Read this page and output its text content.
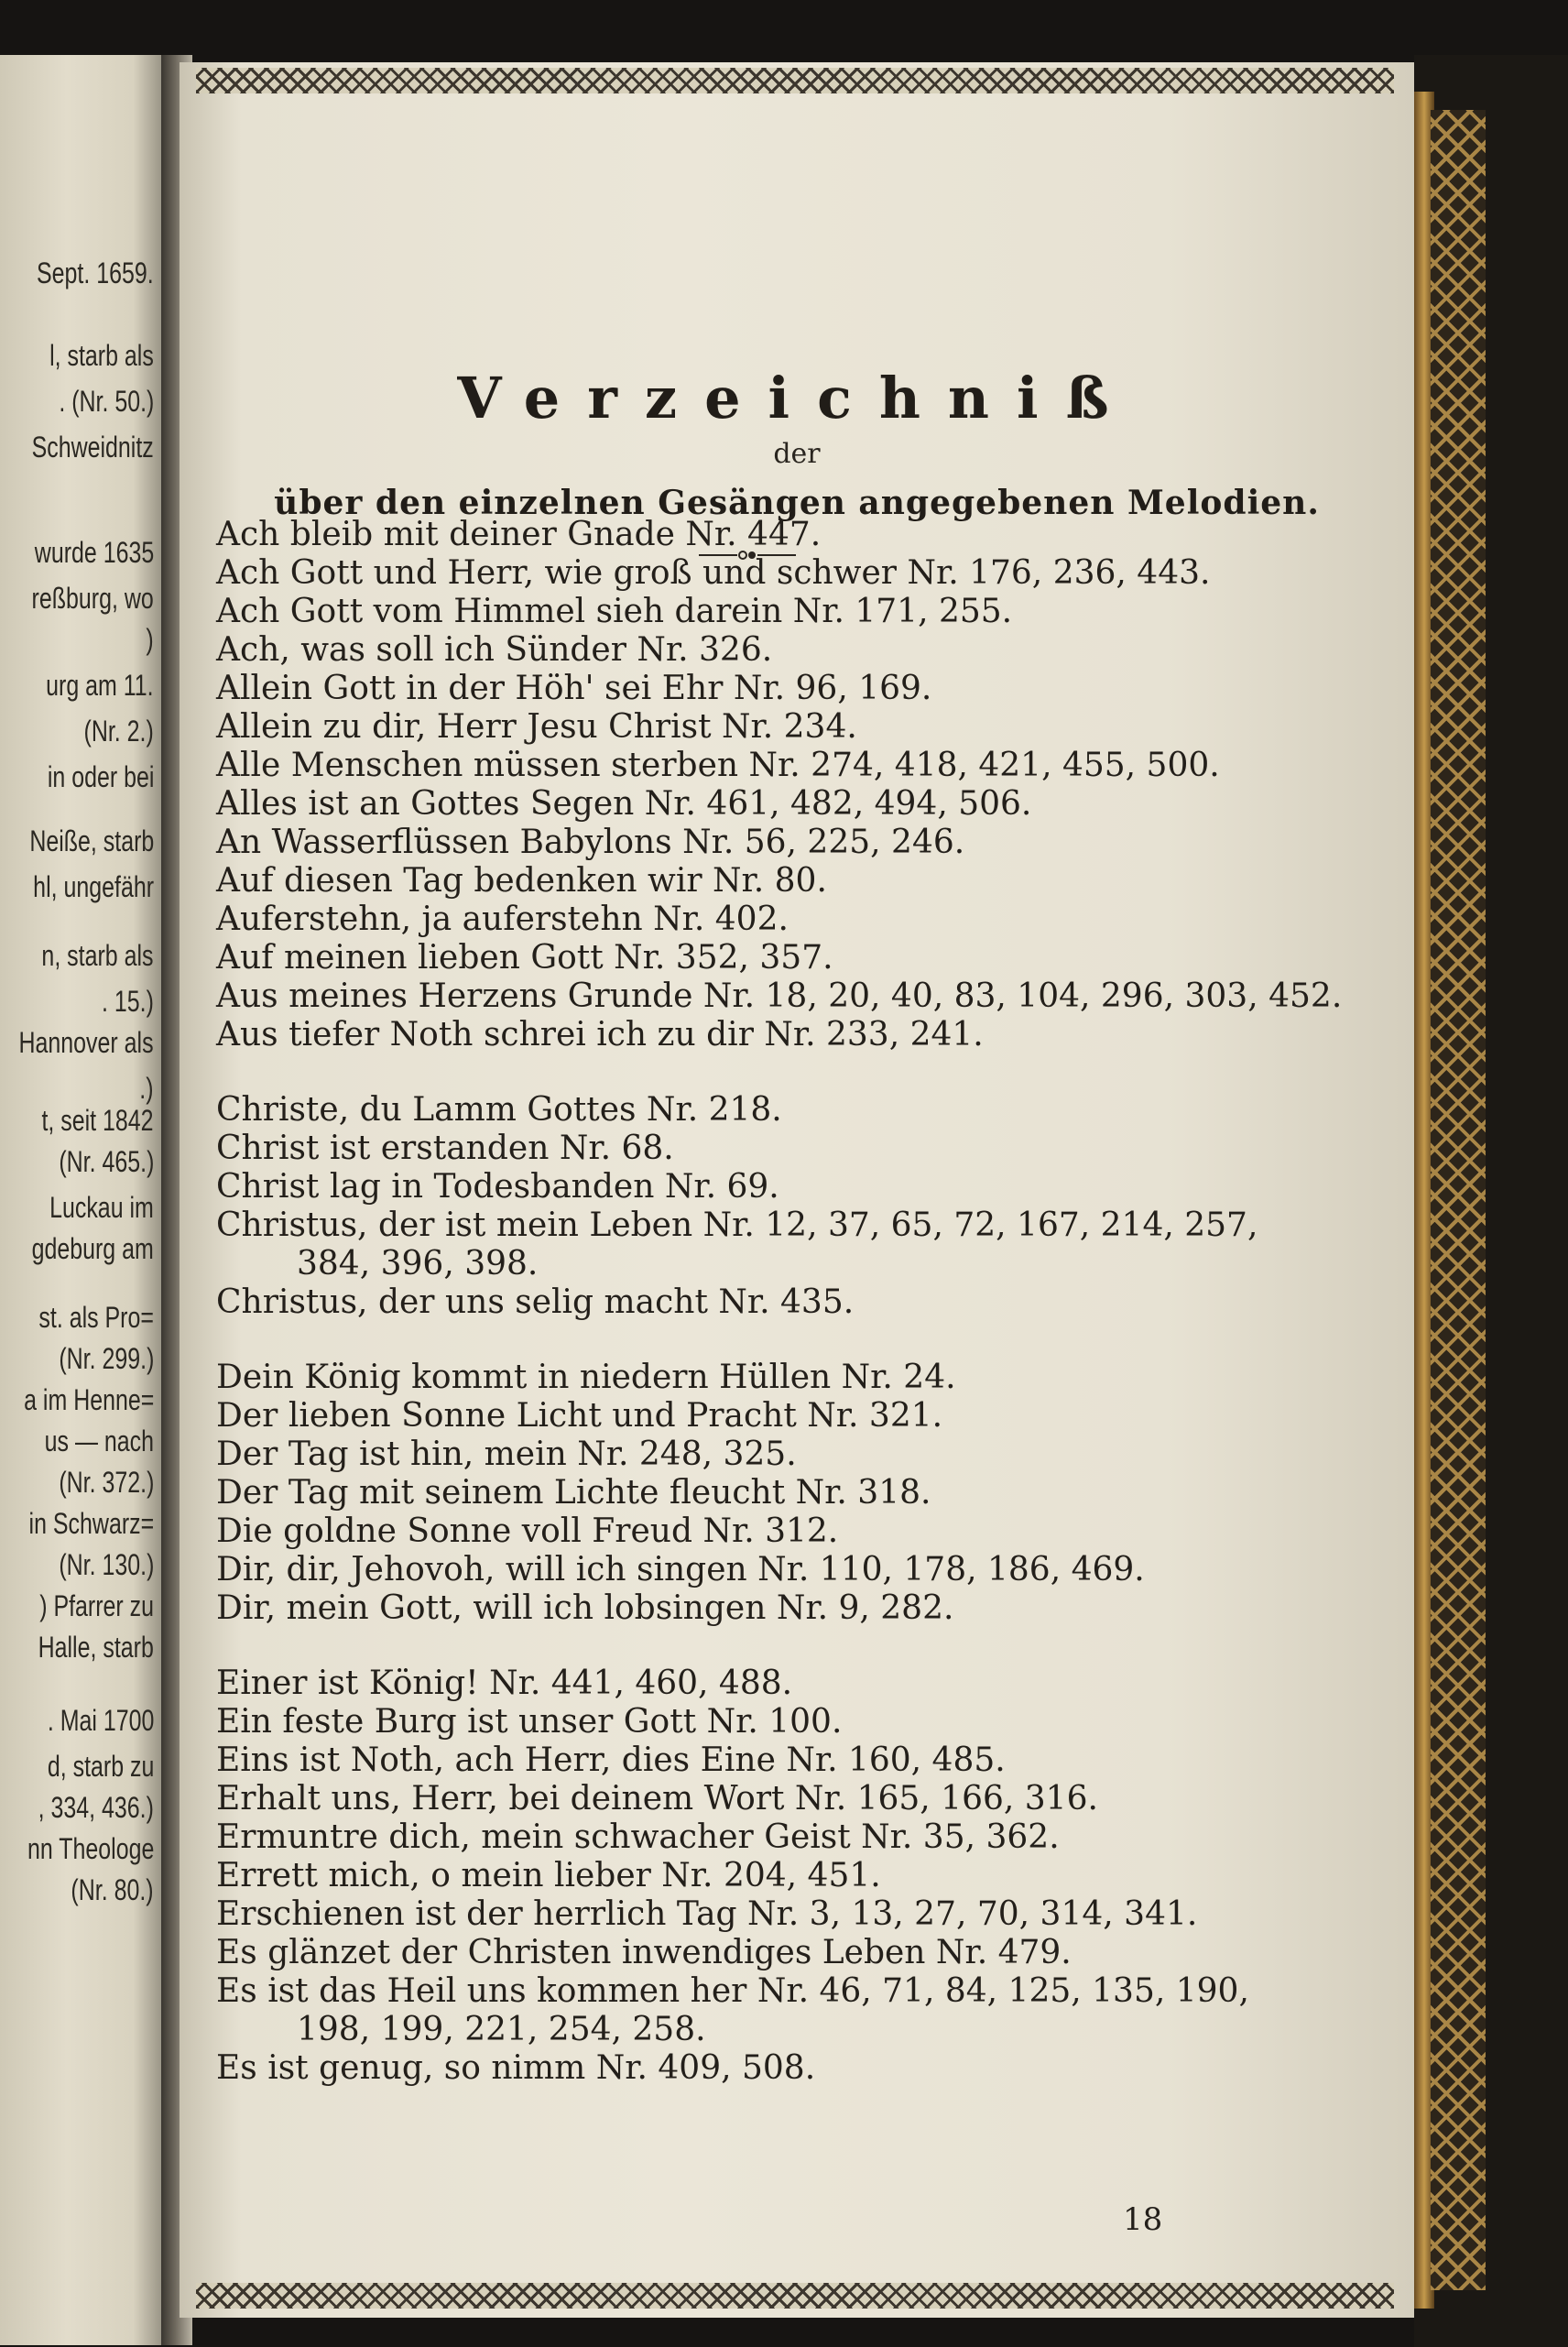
Sept. 1659.
l, starb als
. (Nr. 50.)
Schweidnitz
wurde 1635
reßburg, wo
)
urg am 11.
(Nr. 2.)
in oder bei
Neiße, starb
hl, ungefähr
n, starb als
. 15.)
Hannover als
.)
t, seit 1842
(Nr. 465.)
Luckau im
gdeburg am
st. als Pro=
(Nr. 299.)
a im Henne=
us — nach
(Nr. 372.)
in Schwarz=
(Nr. 130.)
) Pfarrer zu
Halle, starb
. Mai 1700
d, starb zu
, 334, 436.)
nn Theologe
(Nr. 80.)
Verzeichniß
der
über den einzelnen Gesängen angegebenen Melodien.
Ach bleib mit deiner Gnade Nr. 447.
Ach Gott und Herr, wie groß und schwer Nr. 176, 236, 443.
Ach Gott vom Himmel sieh darein Nr. 171, 255.
Ach, was soll ich Sünder Nr. 326.
Allein Gott in der Höh' sei Ehr Nr. 96, 169.
Allein zu dir, Herr Jesu Christ Nr. 234.
Alle Menschen müssen sterben Nr. 274, 418, 421, 455, 500.
Alles ist an Gottes Segen Nr. 461, 482, 494, 506.
An Wasserflüssen Babylons Nr. 56, 225, 246.
Auf diesen Tag bedenken wir Nr. 80.
Auferstehn, ja auferstehn Nr. 402.
Auf meinen lieben Gott Nr. 352, 357.
Aus meines Herzens Grunde Nr. 18, 20, 40, 83, 104, 296, 303, 452.
Aus tiefer Noth schrei ich zu dir Nr. 233, 241.
Christe, du Lamm Gottes Nr. 218.
Christ ist erstanden Nr. 68.
Christ lag in Todesbanden Nr. 69.
Christus, der ist mein Leben Nr. 12, 37, 65, 72, 167, 214, 257,
384, 396, 398.
Christus, der uns selig macht Nr. 435.
Dein König kommt in niedern Hüllen Nr. 24.
Der lieben Sonne Licht und Pracht Nr. 321.
Der Tag ist hin, mein Nr. 248, 325.
Der Tag mit seinem Lichte fleucht Nr. 318.
Die goldne Sonne voll Freud Nr. 312.
Dir, dir, Jehovoh, will ich singen Nr. 110, 178, 186, 469.
Dir, mein Gott, will ich lobsingen Nr. 9, 282.
Einer ist König! Nr. 441, 460, 488.
Ein feste Burg ist unser Gott Nr. 100.
Eins ist Noth, ach Herr, dies Eine Nr. 160, 485.
Erhalt uns, Herr, bei deinem Wort Nr. 165, 166, 316.
Ermuntre dich, mein schwacher Geist Nr. 35, 362.
Errett mich, o mein lieber Nr. 204, 451.
Erschienen ist der herrlich Tag Nr. 3, 13, 27, 70, 314, 341.
Es glänzet der Christen inwendiges Leben Nr. 479.
Es ist das Heil uns kommen her Nr. 46, 71, 84, 125, 135, 190,
198, 199, 221, 254, 258.
Es ist genug, so nimm Nr. 409, 508.
18
